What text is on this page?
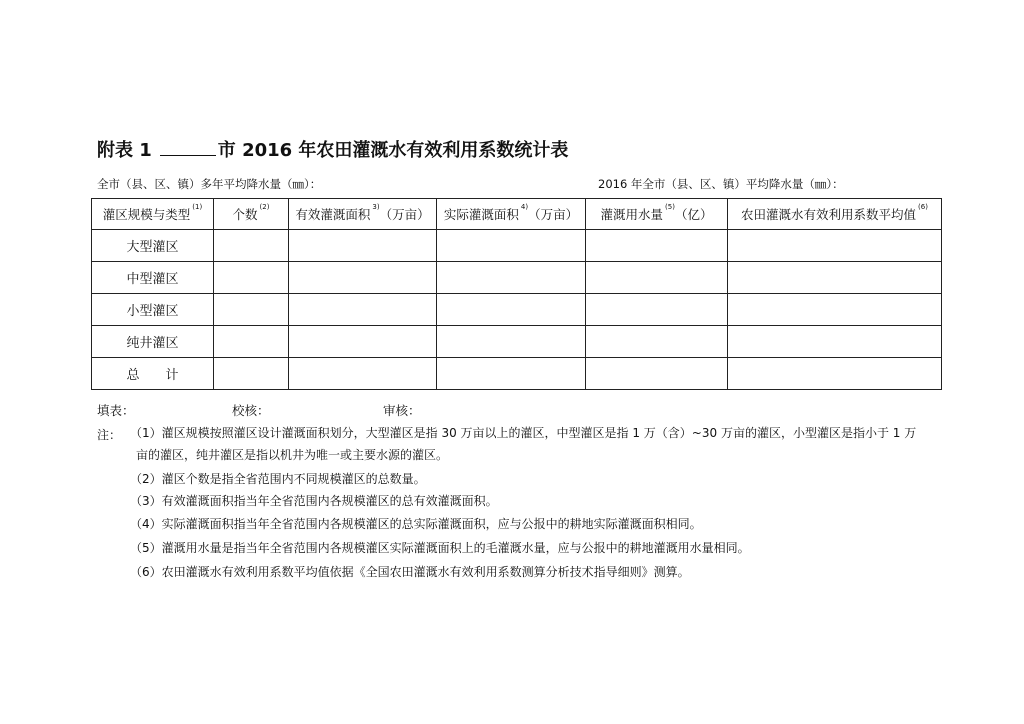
附表 1	市 2016 年农田灌溉水有效利用系数统计表
全市（县、区、镇）多年平均降水量（㎜）：	2016 年全市（县、区、镇）平均降水量（㎜）：
灌区规模与类型 $^{(1)}$	个数 $^{(2)}$	有效灌溉面积 $^{3)}$（万亩）	实际灌溉面积 $^{4)}$（万亩）	灌溉用水量 $^{(5)}$（亿）	农田灌溉水有效利用系数平均值 $^{(6)}$
大型灌区					
中型灌区					
小型灌区					
纯井灌区					
总　　计					
填表：	校核：	审核：
注： （1）灌区规模按照灌区设计灌溉面积划分，大型灌区是指 30 万亩以上的灌区，中型灌区是指 1 万（含）~30 万亩的灌区，小型灌区是指小于 1 万
亩的灌区，纯井灌区是指以机井为唯一或主要水源的灌区。
（2）灌区个数是指全省范围内不同规模灌区的总数量。
（3）有效灌溉面积指当年全省范围内各规模灌区的总有效灌溉面积。
（4）实际灌溉面积指当年全省范围内各规模灌区的总实际灌溉面积，应与公报中的耕地实际灌溉面积相同。
（5）灌溉用水量是指当年全省范围内各规模灌区实际灌溉面积上的毛灌溉水量，应与公报中的耕地灌溉用水量相同。
（6）农田灌溉水有效利用系数平均值依据《全国农田灌溉水有效利用系数测算分析技术指导细则》测算。
